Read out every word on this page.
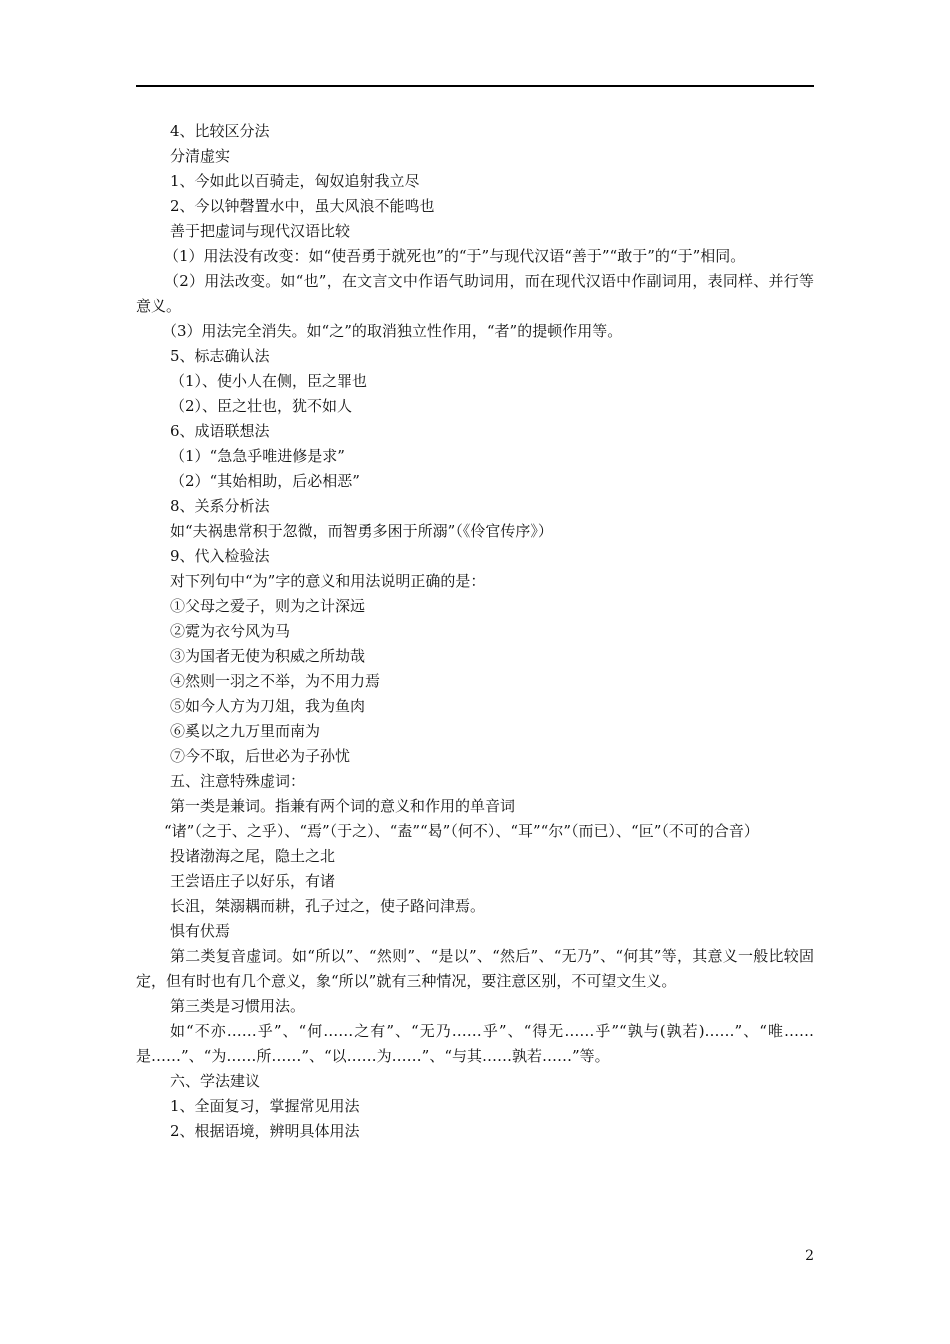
4、比较区分法

分清虚实

1、今如此以百骑走，匈奴追射我立尽

2、今以钟磬置水中，虽大风浪不能鸣也

善于把虚词与现代汉语比较

（1）用法没有改变：如“使吾勇于就死也”的“于”与现代汉语“善于”“敢于”的“于”相同。

（2）用法改变。如“也”，在文言文中作语气助词用，而在现代汉语中作副词用，表同样、并行等意义。

（3）用法完全消失。如“之”的取消独立性作用，“者”的提顿作用等。

5、标志确认法

（1）、使小人在侧，臣之罪也

（2）、臣之壮也，犹不如人

6、成语联想法

（1）“急急乎唯进修是求”

（2）“其始相助，后必相恶”

8、关系分析法

如“夫祸患常积于忽微，而智勇多困于所溺”（《伶官传序》）

9、代入检验法

对下列句中“为”字的意义和用法说明正确的是：

①父母之爱子，则为之计深远

②霓为衣兮风为马

③为国者无使为积威之所劫哉

④然则一羽之不举，为不用力焉

⑤如今人方为刀俎，我为鱼肉

⑥奚以之九万里而南为

⑦今不取，后世必为子孙忧

五、注意特殊虚词：

第一类是兼词。指兼有两个词的意义和作用的单音词

“诸”（之于、之乎）、“焉”（于之）、“盍”“曷”（何不）、“耳”“尔”（而已）、“叵”（不可的合音）

投诸渤海之尾，隐土之北

王尝语庄子以好乐，有诸

长沮，桀溺耦而耕，孔子过之，使子路问津焉。

惧有伏焉

第二类复音虚词。如“所以”、“然则”、“是以”、“然后”、“无乃”、“何其”等，其意义一般比较固定，但有时也有几个意义，象“所以”就有三种情况，要注意区别，不可望文生义。

第三类是习惯用法。

如“不亦……乎”、“何……之有”、“无乃……乎”、“得无……乎”“孰与(孰若)……”、“唯……是……”、“为……所……”、“以……为……”、“与其……孰若……”等。

六、学法建议

1、全面复习，掌握常见用法

2、根据语境，辨明具体用法

2
